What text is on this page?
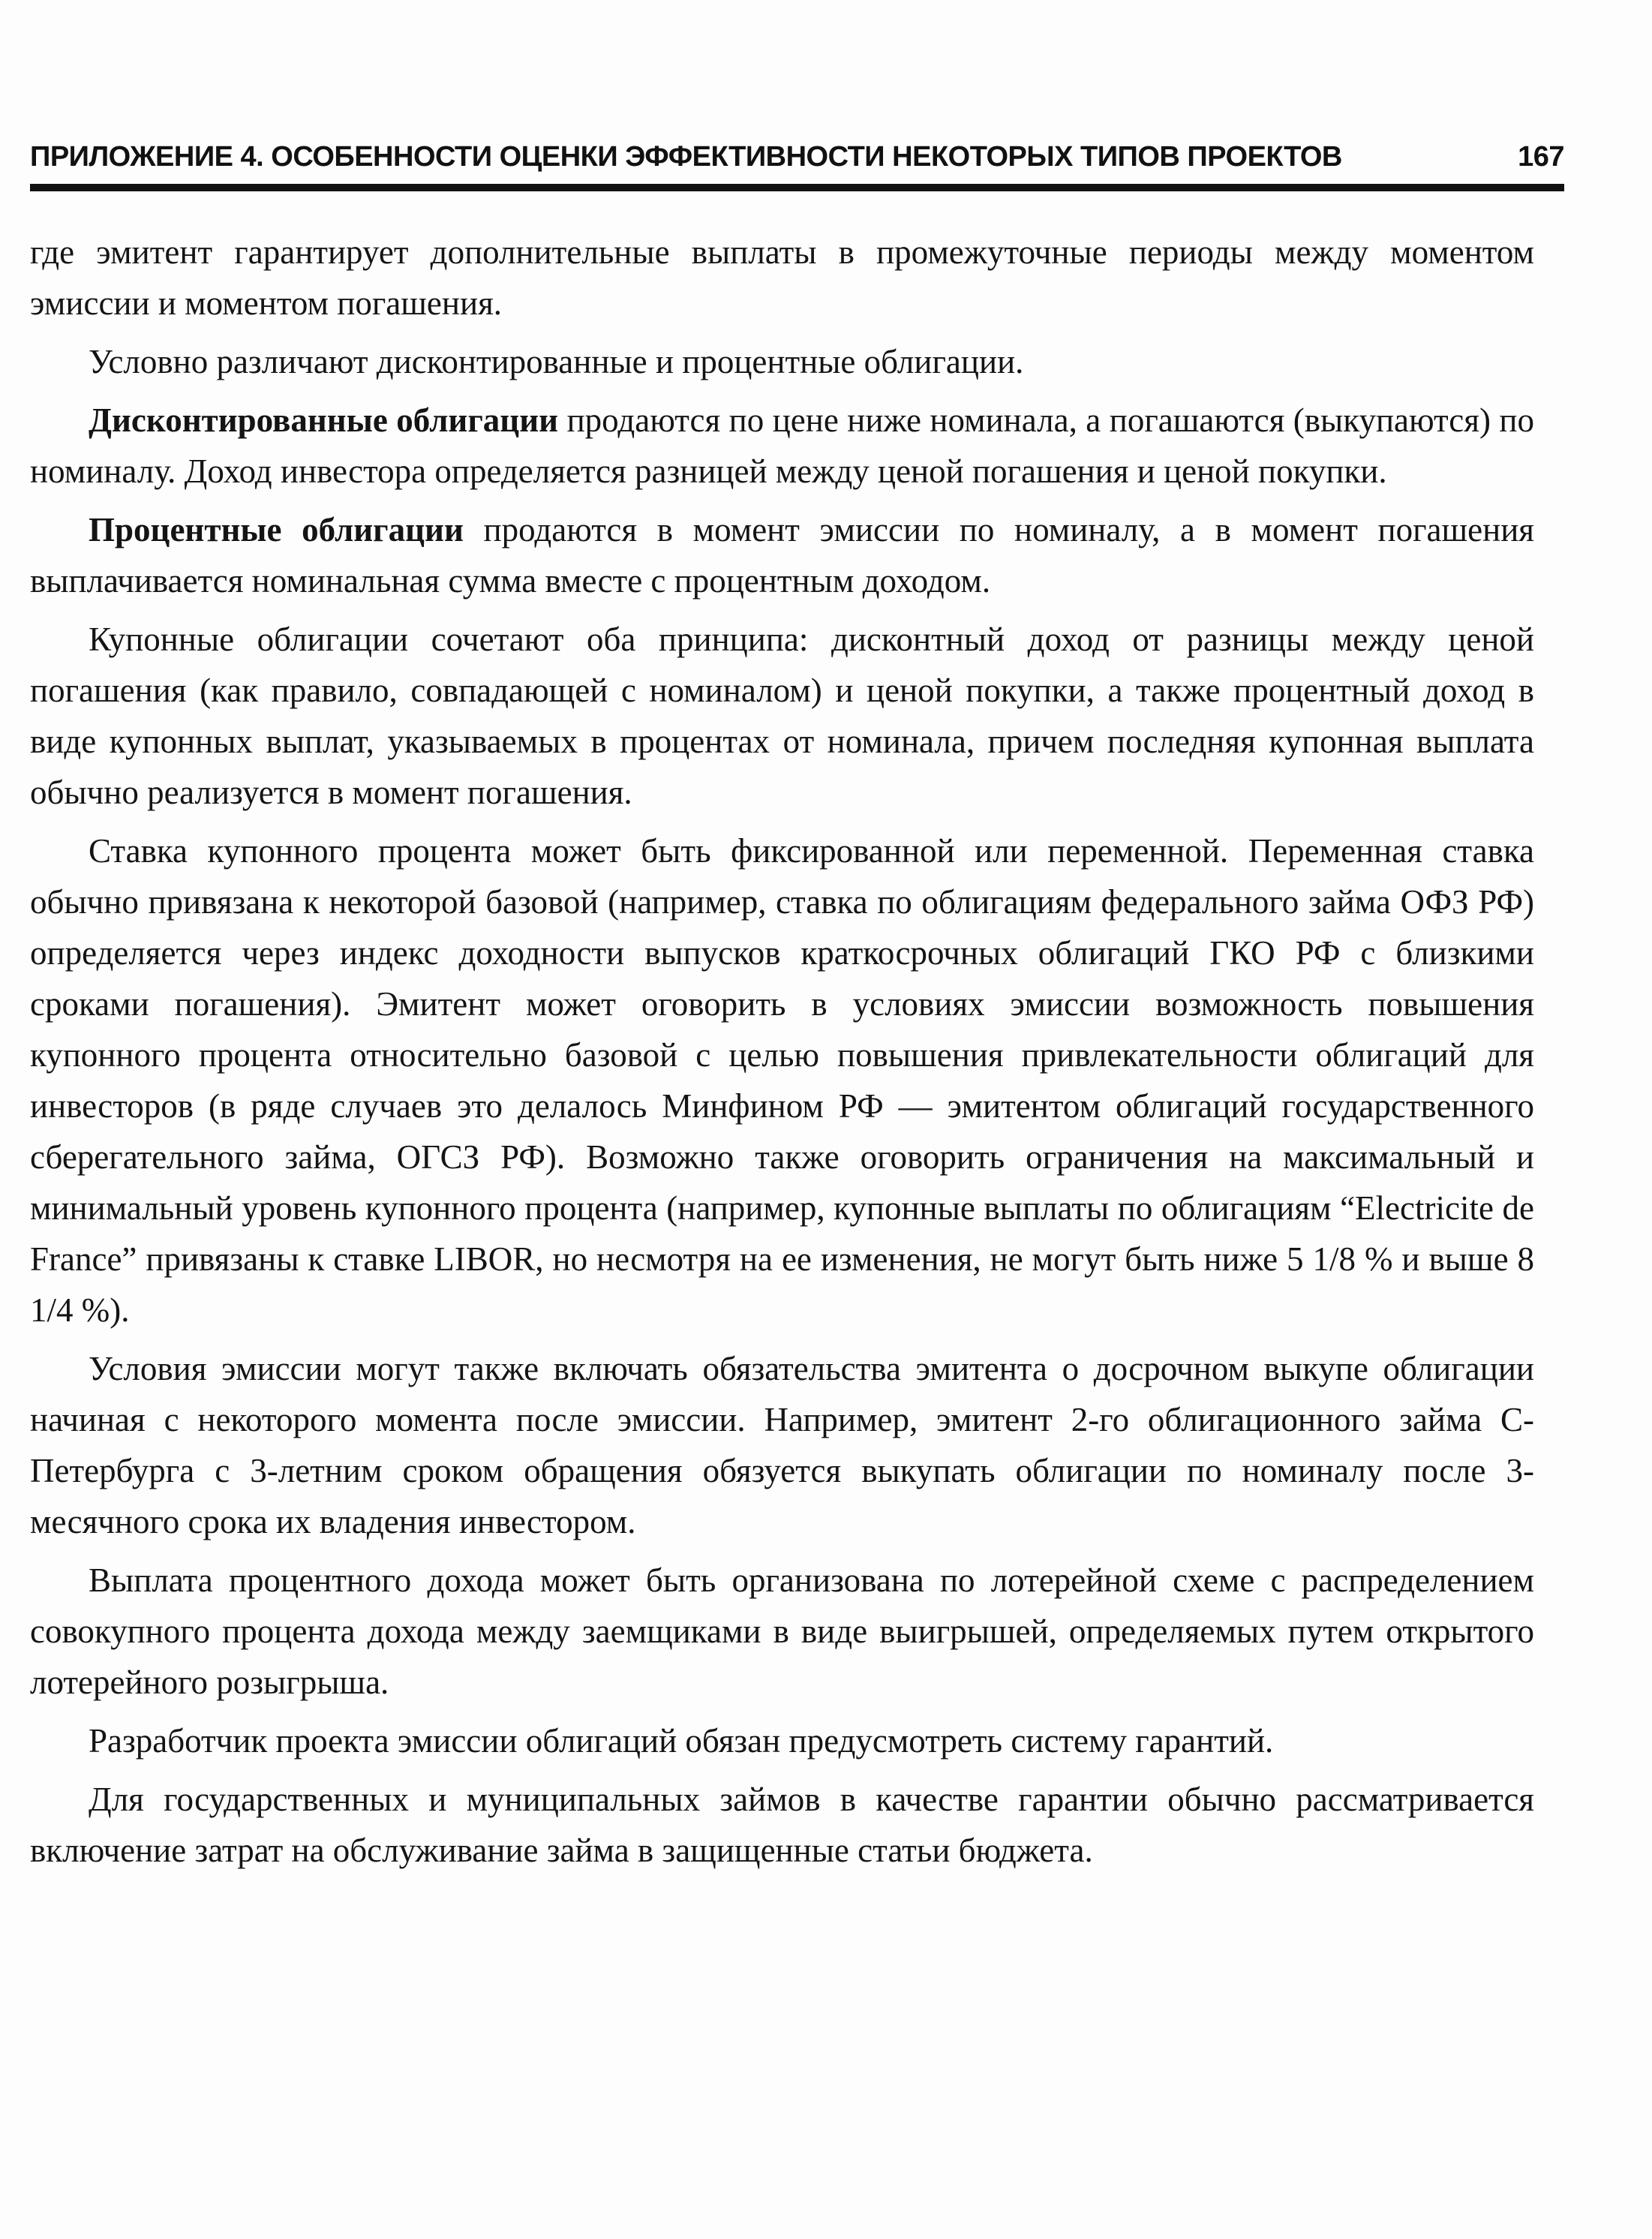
ПРИЛОЖЕНИЕ 4. ОСОБЕННОСТИ ОЦЕНКИ ЭФФЕКТИВНОСТИ НЕКОТОРЫХ ТИПОВ ПРОЕКТОВ	167

где эмитент гарантирует дополнительные выплаты в промежуточные периоды между моментом эмиссии и моментом погашения.

Условно различают дисконтированные и процентные облигации.

Дисконтированные облигации продаются по цене ниже номинала, а погашаются (выкупаются) по номиналу. Доход инвестора определяется разницей между ценой погашения и ценой покупки.

Процентные облигации продаются в момент эмиссии по номиналу, а в момент погашения выплачивается номинальная сумма вместе с процентным доходом.

Купонные облигации сочетают оба принципа: дисконтный доход от разницы между ценой погашения (как правило, совпадающей с номиналом) и ценой покупки, а также процентный доход в виде купонных выплат, указываемых в процентах от номинала, причем последняя купонная выплата обычно реализуется в момент погашения.

Ставка купонного процента может быть фиксированной или переменной. Переменная ставка обычно привязана к некоторой базовой (например, ставка по облигациям федерального займа ОФЗ РФ) определяется через индекс доходности выпусков краткосрочных облигаций ГКО РФ с близкими сроками погашения). Эмитент может оговорить в условиях эмиссии возможность повышения купонного процента относительно базовой с целью повышения привлекательности облигаций для инвесторов (в ряде случаев это делалось Минфином РФ — эмитентом облигаций государственного сберегательного займа, ОГСЗ РФ). Возможно также оговорить ограничения на максимальный и минимальный уровень купонного процента (например, купонные выплаты по облигациям “Electricite de France” привязаны к ставке LIBOR, но несмотря на ее изменения, не могут быть ниже 5 1/8 % и выше 8 1/4 %).

Условия эмиссии могут также включать обязательства эмитента о досрочном выкупе облигации начиная с некоторого момента после эмиссии. Например, эмитент 2-го облигационного займа С-Петербурга с 3-летним сроком обращения обязуется выкупать облигации по номиналу после 3-месячного срока их владения инвестором.

Выплата процентного дохода может быть организована по лотерейной схеме с распределением совокупного процента дохода между заемщиками в виде выигрышей, определяемых путем открытого лотерейного розыгрыша.

Разработчик проекта эмиссии облигаций обязан предусмотреть систему гарантий.

Для государственных и муниципальных займов в качестве гарантии обычно рассматривается включение затрат на обслуживание займа в защищенные статьи бюджета.
